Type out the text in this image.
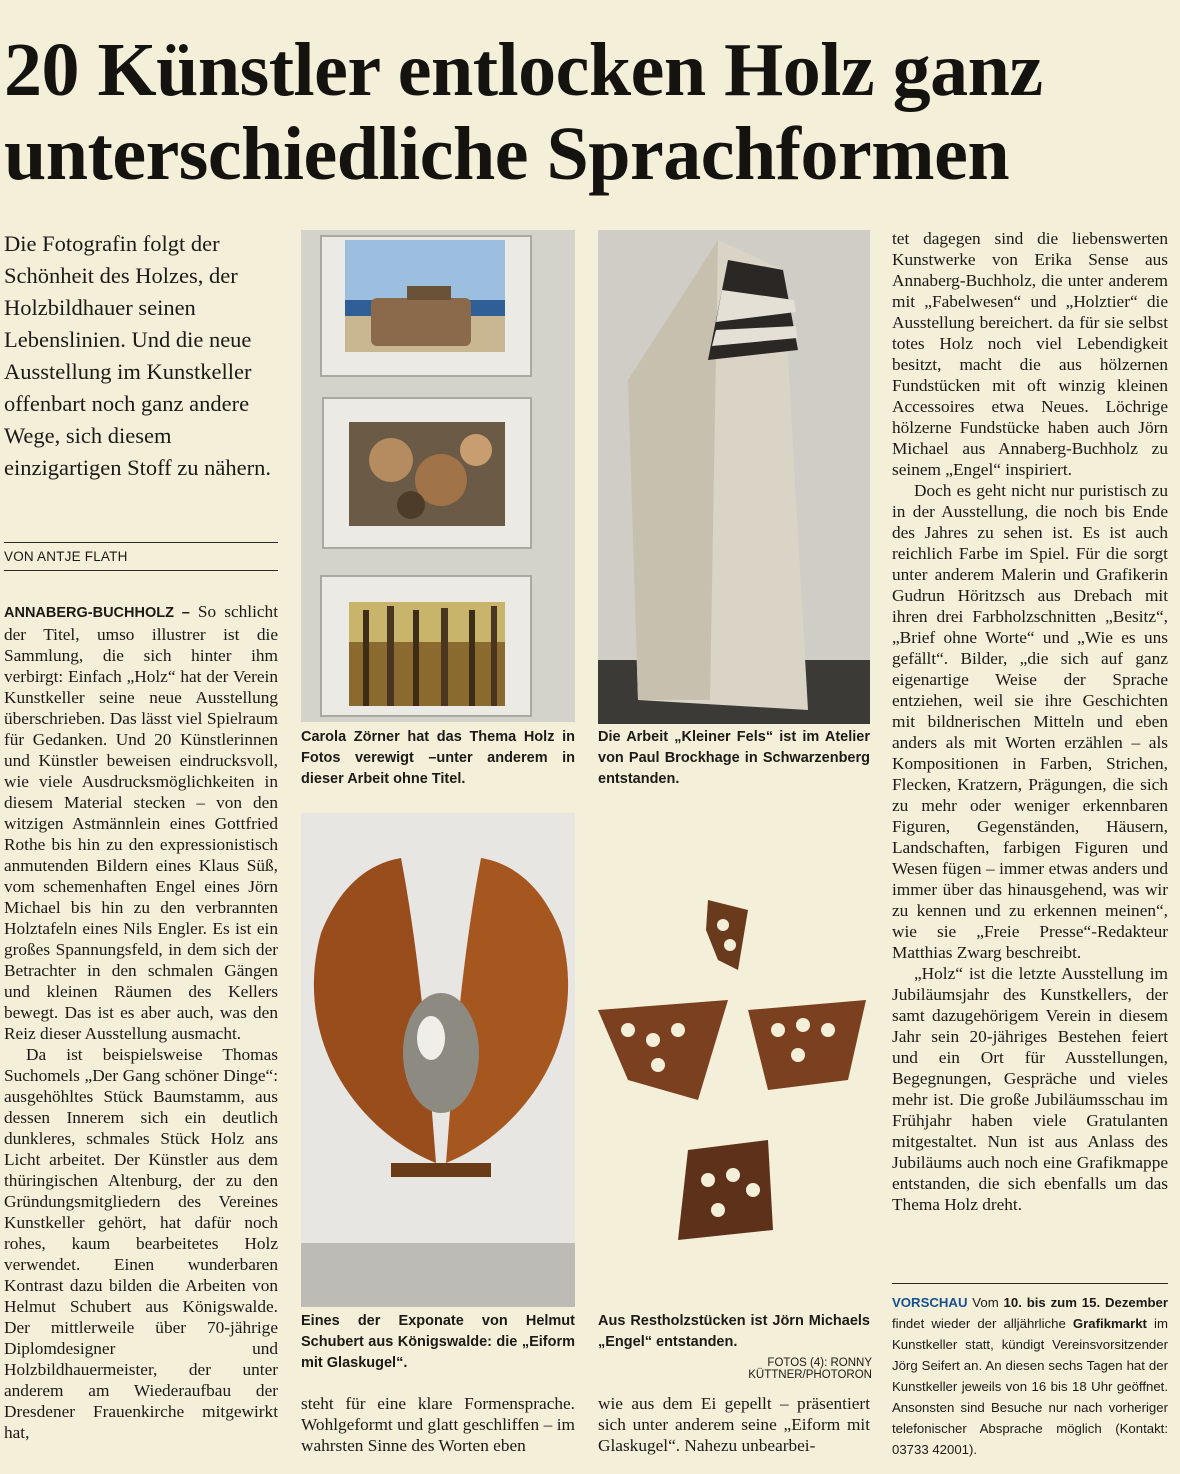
20 Künstler entlocken Holz ganz unterschiedliche Sprachformen
Die Fotografin folgt der Schönheit des Holzes, der Holzbildhauer seinen Lebenslinien. Und die neue Ausstellung im Kunstkeller offenbart noch ganz andere Wege, sich diesem einzigartigen Stoff zu nähern.
VON ANTJE FLATH

ANNABERG-BUCHHOLZ – So schlicht der Titel, umso illustrer ist die Sammlung, die sich hinter ihm verbirgt: Einfach „Holz“ hat der Verein Kunstkeller seine neue Ausstellung überschrieben. Das lässt viel Spielraum für Gedanken. Und 20 Künstlerinnen und Künstler beweisen eindrucksvoll, wie viele Ausdrucksmöglichkeiten in diesem Material stecken – von den witzigen Astmännlein eines Gottfried Rothe bis hin zu den expressionistisch anmutenden Bildern eines Klaus Süß, vom schemenhaften Engel eines Jörn Michael bis hin zu den verbrannten Holztafeln eines Nils Engler. Es ist ein großes Spannungsfeld, in dem sich der Betrachter in den schmalen Gängen und kleinen Räumen des Kellers bewegt. Das ist es aber auch, was den Reiz dieser Ausstellung ausmacht.

Da ist beispielsweise Thomas Suchomels „Der Gang schöner Dinge“: ausgehöhltes Stück Baumstamm, aus dessen Innerem sich ein deutlich dunkleres, schmales Stück Holz ans Licht arbeitet. Der Künstler aus dem thüringischen Altenburg, der zu den Gründungsmitgliedern des Vereines Kunstkeller gehört, hat dafür noch rohes, kaum bearbeitetes Holz verwendet. Einen wunderbaren Kontrast dazu bilden die Arbeiten von Helmut Schubert aus Königswalde. Der mittlerweile über 70-jährige Diplomdesigner und Holzbildhauermeister, der unter anderem am Wiederaufbau der Dresdener Frauenkirche mitgewirkt hat,

Carola Zörner hat das Thema Holz in Fotos verewigt –unter anderem in dieser Arbeit ohne Titel.
Die Arbeit „Kleiner Fels“ ist im Atelier von Paul Brockhage in Schwarzenberg entstanden.
Eines der Exponate von Helmut Schubert aus Königswalde: die „Eiform mit Glaskugel“.
Aus Restholzstücken ist Jörn Michaels „Engel“ entstanden.
FOTOS (4): RONNY KÜTTNER/PHOTORON
steht für eine klare Formensprache. Wohlgeformt und glatt geschliffen – im wahrsten Sinne des Worten eben
wie aus dem Ei gepellt – präsentiert sich unter anderem seine „Eiform mit Glaskugel“. Nahezu unbearbei-

tet dagegen sind die liebenswerten Kunstwerke von Erika Sense aus Annaberg-Buchholz, die unter anderem mit „Fabelwesen“ und „Holztier“ die Ausstellung bereichert. da für sie selbst totes Holz noch viel Lebendigkeit besitzt, macht die aus hölzernen Fundstücken mit oft winzig kleinen Accessoires etwa Neues. Löchrige hölzerne Fundstücke haben auch Jörn Michael aus Annaberg-Buchholz zu seinem „Engel“ inspiriert.

Doch es geht nicht nur puristisch zu in der Ausstellung, die noch bis Ende des Jahres zu sehen ist. Es ist auch reichlich Farbe im Spiel. Für die sorgt unter anderem Malerin und Grafikerin Gudrun Höritzsch aus Drebach mit ihren drei Farbholzschnitten „Besitz“, „Brief ohne Worte“ und „Wie es uns gefällt“. Bilder, „die sich auf ganz eigenartige Weise der Sprache entziehen, weil sie ihre Geschichten mit bildnerischen Mitteln und eben anders als mit Worten erzählen – als Kompositionen in Farben, Strichen, Flecken, Kratzern, Prägungen, die sich zu mehr oder weniger erkennbaren Figuren, Gegenständen, Häusern, Landschaften, farbigen Figuren und Wesen fügen – immer etwas anders und immer über das hinausgehend, was wir zu kennen und zu erkennen meinen“, wie sie „Freie Presse“-Redakteur Matthias Zwarg beschreibt.

„Holz“ ist die letzte Ausstellung im Jubiläumsjahr des Kunstkellers, der samt dazugehörigem Verein in diesem Jahr sein 20-jähriges Bestehen feiert und ein Ort für Ausstellungen, Begegnungen, Gespräche und vieles mehr ist. Die große Jubiläumsschau im Frühjahr haben viele Gratulanten mitgestaltet. Nun ist aus Anlass des Jubiläums auch noch eine Grafikmappe entstanden, die sich ebenfalls um das Thema Holz dreht.

VORSCHAU Vom 10. bis zum 15. Dezember findet wieder der alljährliche Grafikmarkt im Kunstkeller statt, kündigt Vereinsvorsitzender Jörg Seifert an. An diesen sechs Tagen hat der Kunstkeller jeweils von 16 bis 18 Uhr geöffnet. Ansonsten sind Besuche nur nach vorheriger telefonischer Absprache möglich (Kontakt: 03733 42001).
